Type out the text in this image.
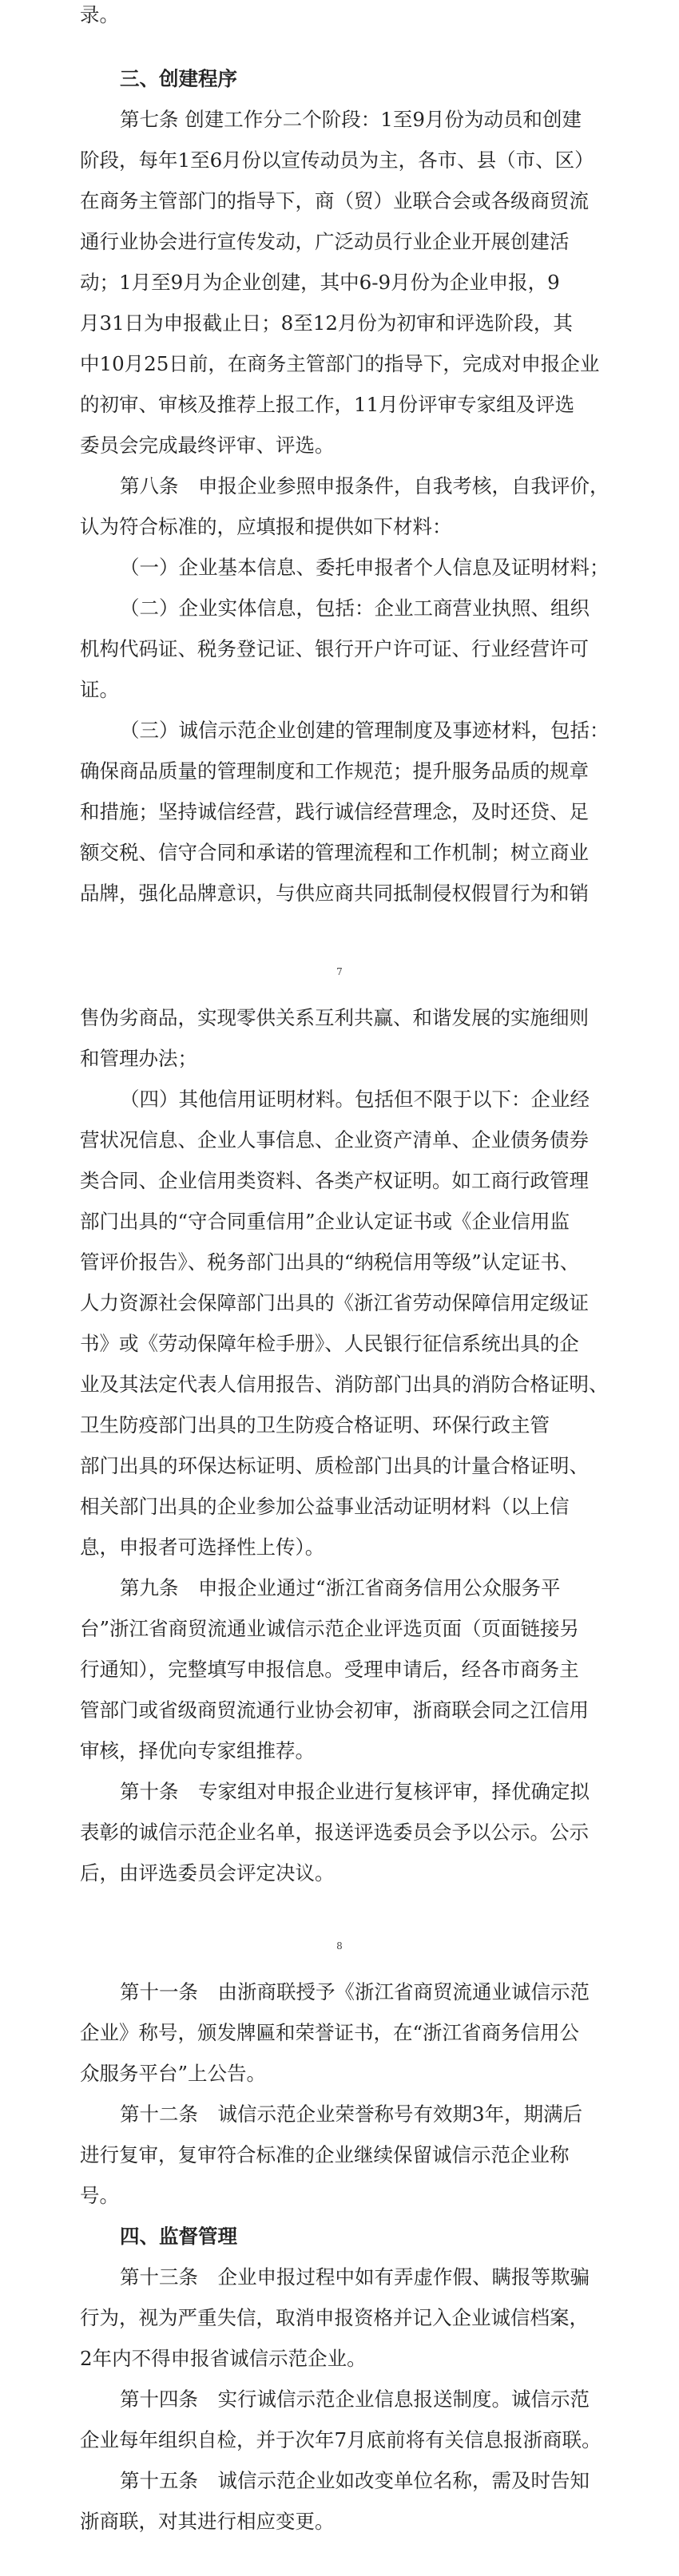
录。
三、创建程序
第七条 创建工作分二个阶段：1至9月份为动员和创建
阶段，每年1至6月份以宣传动员为主，各市、县（市、区）
在商务主管部门的指导下，商（贸）业联合会或各级商贸流
通行业协会进行宣传发动，广泛动员行业企业开展创建活
动；1月至9月为企业创建，其中6-9月份为企业申报，9
月31日为申报截止日；8至12月份为初审和评选阶段，其
中10月25日前，在商务主管部门的指导下，完成对申报企业
的初审、审核及推荐上报工作，11月份评审专家组及评选
委员会完成最终评审、评选。
第八条　申报企业参照申报条件，自我考核，自我评价，
认为符合标准的，应填报和提供如下材料：
（一）企业基本信息、委托申报者个人信息及证明材料；
（二）企业实体信息，包括：企业工商营业执照、组织
机构代码证、税务登记证、银行开户许可证、行业经营许可
证。
（三）诚信示范企业创建的管理制度及事迹材料，包括：
确保商品质量的管理制度和工作规范；提升服务品质的规章
和措施；坚持诚信经营，践行诚信经营理念，及时还贷、足
额交税、信守合同和承诺的管理流程和工作机制；树立商业
品牌，强化品牌意识，与供应商共同抵制侵权假冒行为和销
7
售伪劣商品，实现零供关系互利共赢、和谐发展的实施细则
和管理办法；
（四）其他信用证明材料。包括但不限于以下：企业经
营状况信息、企业人事信息、企业资产清单、企业债务债券
类合同、企业信用类资料、各类产权证明。如工商行政管理
部门出具的“守合同重信用”企业认定证书或《企业信用监
管评价报告》、税务部门出具的“纳税信用等级”认定证书、
人力资源社会保障部门出具的《浙江省劳动保障信用定级证
书》或《劳动保障年检手册》、人民银行征信系统出具的企
业及其法定代表人信用报告、消防部门出具的消防合格证明、
卫生防疫部门出具的卫生防疫合格证明、环保行政主管
部门出具的环保达标证明、质检部门出具的计量合格证明、
相关部门出具的企业参加公益事业活动证明材料（以上信
息，申报者可选择性上传）。
第九条　申报企业通过“浙江省商务信用公众服务平
台”浙江省商贸流通业诚信示范企业评选页面（页面链接另
行通知），完整填写申报信息。受理申请后，经各市商务主
管部门或省级商贸流通行业协会初审，浙商联会同之江信用
审核，择优向专家组推荐。
第十条　专家组对申报企业进行复核评审，择优确定拟
表彰的诚信示范企业名单，报送评选委员会予以公示。公示
后，由评选委员会评定决议。
8
第十一条　由浙商联授予《浙江省商贸流通业诚信示范
企业》称号，颁发牌匾和荣誉证书，在“浙江省商务信用公
众服务平台”上公告。
第十二条　诚信示范企业荣誉称号有效期3年，期满后
进行复审，复审符合标准的企业继续保留诚信示范企业称
号。
四、监督管理
第十三条　企业申报过程中如有弄虚作假、瞒报等欺骗
行为，视为严重失信，取消申报资格并记入企业诚信档案，
2年内不得申报省诚信示范企业。
第十四条　实行诚信示范企业信息报送制度。诚信示范
企业每年组织自检，并于次年7月底前将有关信息报浙商联。
第十五条　诚信示范企业如改变单位名称，需及时告知
浙商联，对其进行相应变更。
